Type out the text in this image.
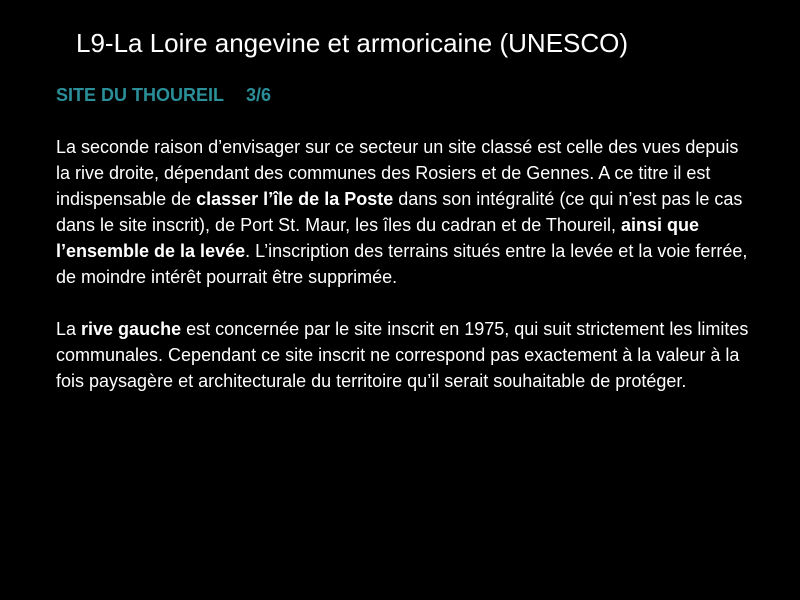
L9-La Loire angevine et armoricaine (UNESCO)
SITE DU THOUREIL 3/6

La seconde raison d’envisager sur ce secteur un site classé est celle des vues depuis la rive droite, dépendant des communes des Rosiers et de Gennes. A ce titre il est indispensable de classer l’île de la Poste dans son intégralité (ce qui n’est pas le cas dans le site inscrit), de Port St. Maur, les îles du cadran et de Thoureil, ainsi que l’ensemble de la levée. L’inscription des terrains situés entre la levée et la voie ferrée, de moindre intérêt pourrait être supprimée.

La rive gauche est concernée par le site inscrit en 1975, qui suit strictement les limites communales. Cependant ce site inscrit ne correspond pas exactement à la valeur à la fois paysagère et architecturale du territoire qu’il serait souhaitable de protéger.
